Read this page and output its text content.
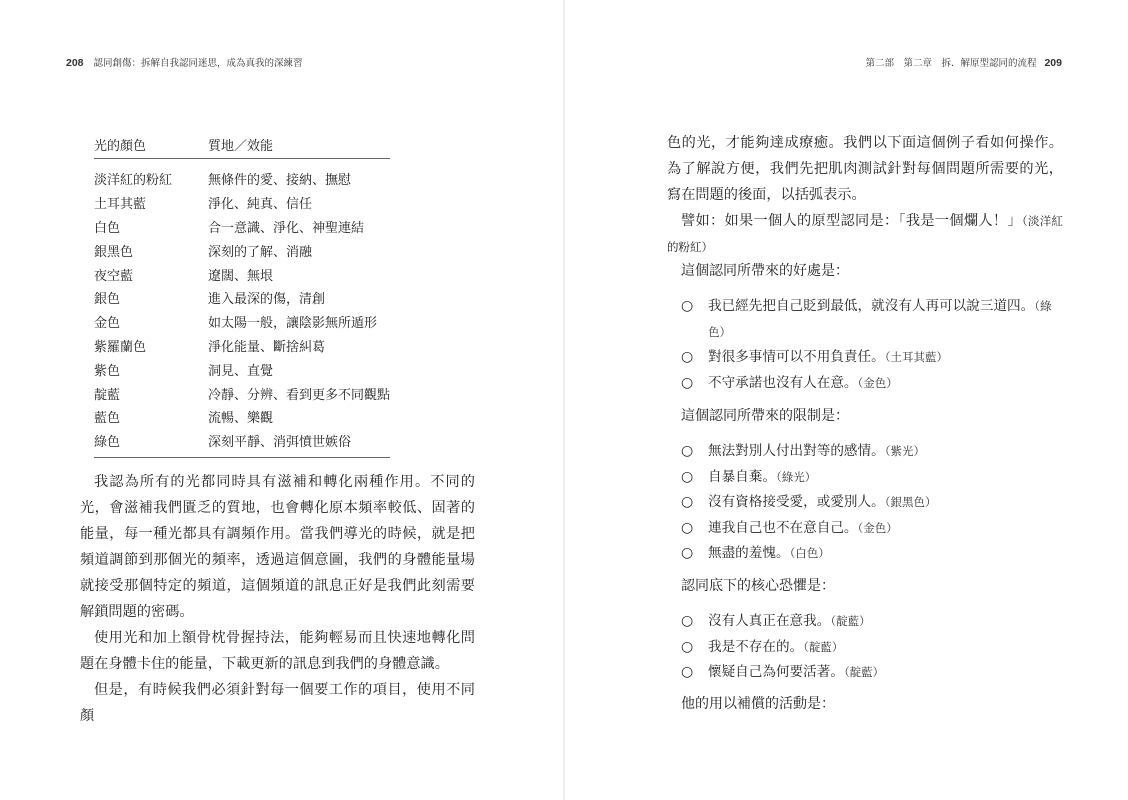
208 認同創傷：拆解自我認同迷思，成為真我的深練習
光的顏色	質地／效能
淡洋紅的粉紅	無條件的愛、接納、撫慰
土耳其藍	淨化、純真、信任
白色	合一意識、淨化、神聖連結
銀黑色	深刻的了解、消融
夜空藍	遼闊、無垠
銀色	進入最深的傷，清創
金色	如太陽一般，讓陰影無所遁形
紫羅蘭色	淨化能量、斷捨糾葛
紫色	洞見、直覺
靛藍	冷靜、分辨、看到更多不同觀點
藍色	流暢、樂觀
綠色	深刻平靜、消弭憤世嫉俗

我認為所有的光都同時具有滋補和轉化兩種作用。不同的光，會滋補我們匱乏的質地，也會轉化原本頻率較低、固著的能量，每一種光都具有調頻作用。當我們導光的時候，就是把頻道調節到那個光的頻率，透過這個意圖，我們的身體能量場就接受那個特定的頻道，這個頻道的訊息正好是我們此刻需要解鎖問題的密碼。

使用光和加上額骨枕骨握持法，能夠輕易而且快速地轉化問題在身體卡住的能量，下載更新的訊息到我們的身體意識。

但是，有時候我們必須針對每一個要工作的項目，使用不同顏

第二部　第二章　拆．解原型認同的流程 209

色的光，才能夠達成療癒。我們以下面這個例子看如何操作。為了解說方便，我們先把肌肉測試針對每個問題所需要的光，寫在問題的後面，以括弧表示。

譬如：如果一個人的原型認同是：「我是一個爛人！」（淡洋紅的粉紅）

這個認同所帶來的好處是：

○ 我已經先把自己貶到最低，就沒有人再可以說三道四。（綠色）
○ 對很多事情可以不用負責任。（土耳其藍）
○ 不守承諾也沒有人在意。（金色）

這個認同所帶來的限制是：

○ 無法對別人付出對等的感情。（紫光）
○ 自暴自棄。（綠光）
○ 沒有資格接受愛，或愛別人。（銀黑色）
○ 連我自己也不在意自己。（金色）
○ 無盡的羞愧。（白色）

認同底下的核心恐懼是：

○ 沒有人真正在意我。（靛藍）
○ 我是不存在的。（靛藍）
○ 懷疑自己為何要活著。（靛藍）

他的用以補償的活動是：
